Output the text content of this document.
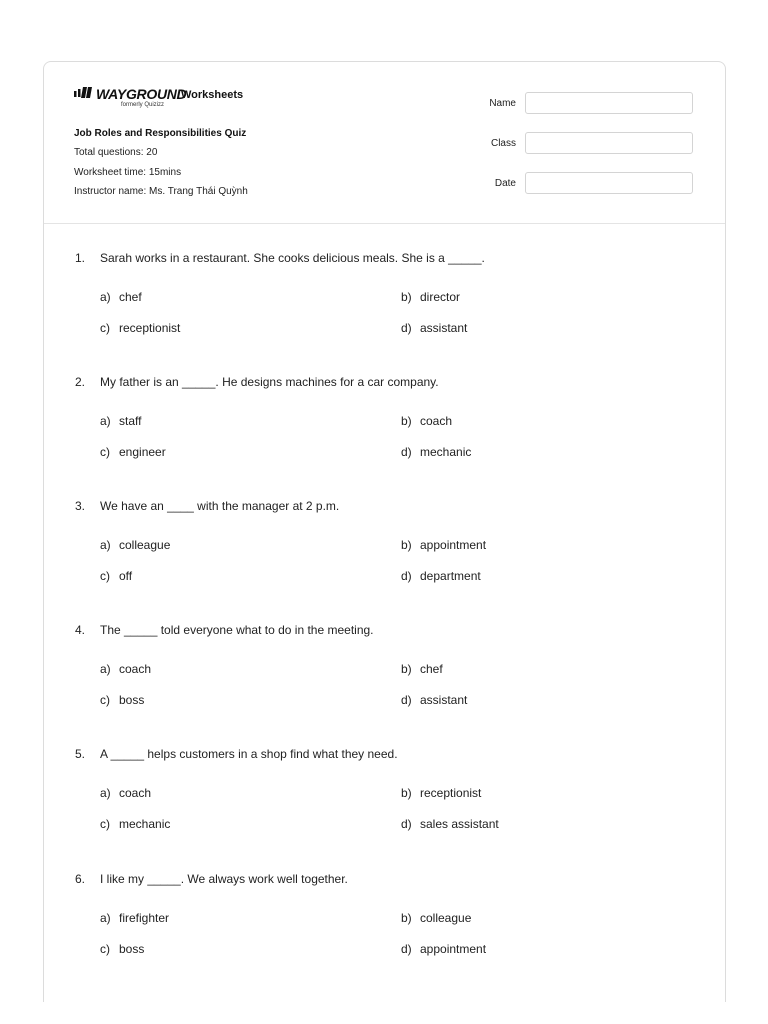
WAYGROUND
formerly Quizizz
Worksheets
Job Roles and Responsibilities Quiz
Total questions: 20
Worksheet time: 15mins
Instructor name: Ms. Trang Thái Quỳnh
Name
Class
Date
1. Sarah works in a restaurant. She cooks delicious meals. She is a _____.
a) chef	b) director
c) receptionist	d) assistant
2. My father is an _____. He designs machines for a car company.
a) staff	b) coach
c) engineer	d) mechanic
3. We have an ____ with the manager at 2 p.m.
a) colleague	b) appointment
c) off	d) department
4. The _____ told everyone what to do in the meeting.
a) coach	b) chef
c) boss	d) assistant
5. A _____ helps customers in a shop find what they need.
a) coach	b) receptionist
c) mechanic	d) sales assistant
6. I like my _____. We always work well together.
a) firefighter	b) colleague
c) boss	d) appointment
